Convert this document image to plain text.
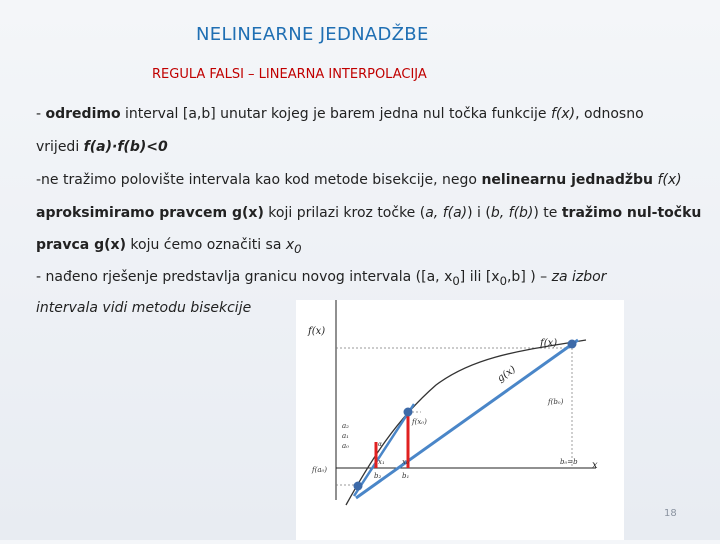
NELINEARNE JEDNADŽBE
REGULA FALSI – LINEARNA INTERPOLACIJA
- odredimo interval [a,b] unutar kojeg je barem jedna nul točka funkcije f(x), odnosno
vrijedi f(a)·f(b)<0
-ne tražimo polovište intervala kao kod metode bisekcije, nego nelinearnu jednadžbu f(x)
aproksimiramo pravcem g(x) koji prilazi kroz točke (a, f(a)) i (b, f(b)) te tražimo nul-točku
pravca g(x) koju ćemo označiti sa $x_0$
- nađeno rješenje predstavlja granicu novog intervala ([a, $x_0$] ili $[x_0,b]$ ) – za izbor
intervala vidi metodu bisekcije
f(x)
x
f(x)
g(x)
f(b₀)
f(x₀)
f(a₀)
a₂
a₁
a₀	α
x₁ x₀
b₁
b₂
b₀=b
18
